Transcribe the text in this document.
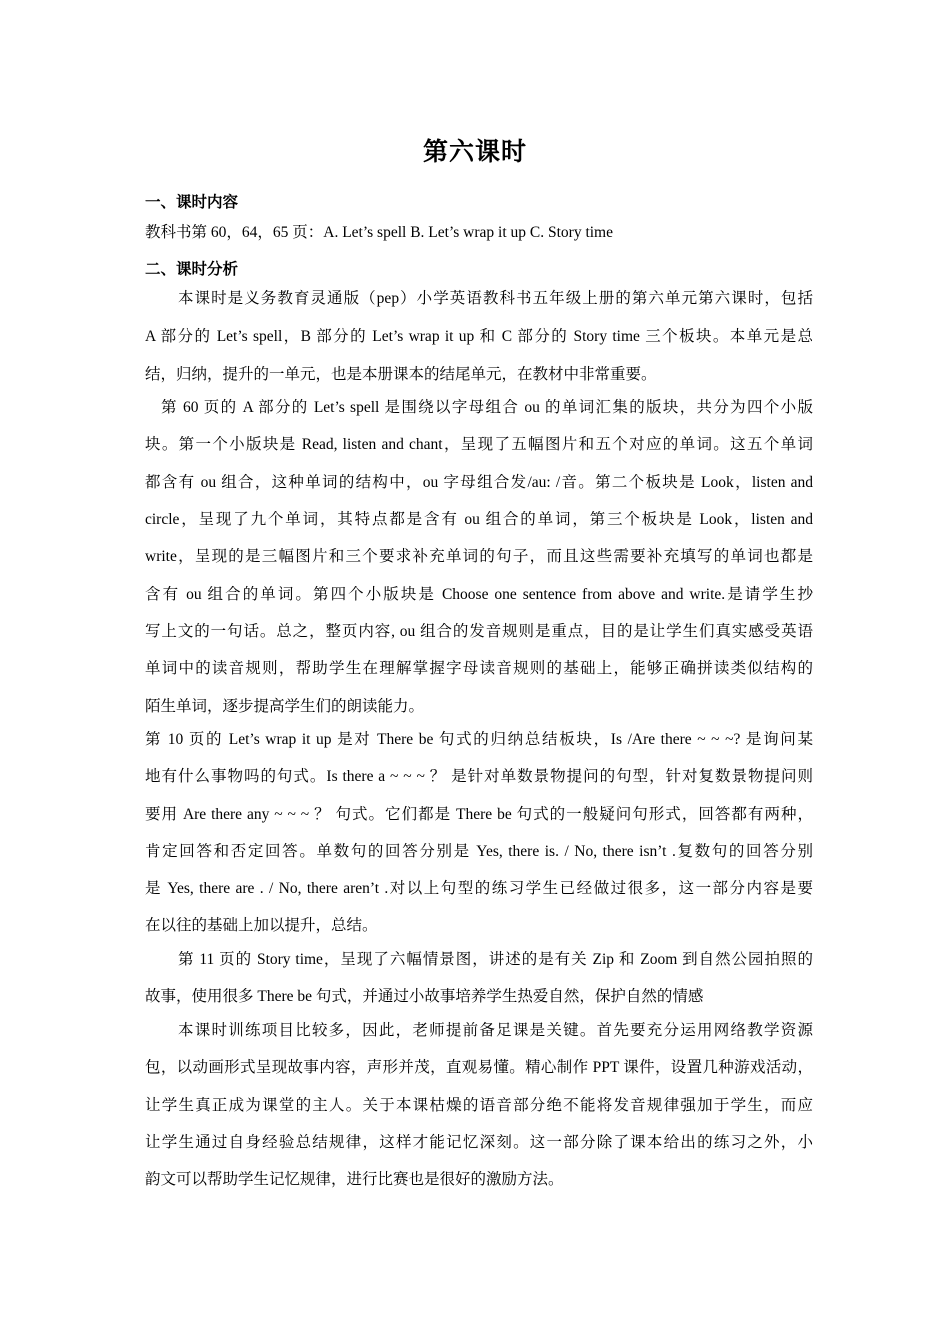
第六课时
一、课时内容
教科书第 60，64，65 页：A. Let’s spell B. Let’s wrap it up C. Story time
二、课时分析
本课时是义务教育灵通版（pep）小学英语教科书五年级上册的第六单元第六课时，包括
A 部分的 Let’s spell，B 部分的 Let’s wrap it up 和 C 部分的 Story time 三个板块。本单元是总
结，归纳，提升的一单元，也是本册课本的结尾单元，在教材中非常重要。
第 60 页的 A 部分的 Let’s spell 是围绕以字母组合 ou 的单词汇集的版块，共分为四个小版
块。第一个小版块是 Read, listen and chant，呈现了五幅图片和五个对应的单词。这五个单词
都含有 ou 组合，这种单词的结构中，ou 字母组合发/au: /音。第二个板块是 Look，listen and
circle，呈现了九个单词，其特点都是含有 ou 组合的单词，第三个板块是 Look，listen and
write，呈现的是三幅图片和三个要求补充单词的句子，而且这些需要补充填写的单词也都是
含有 ou 组合的单词。第四个小版块是 Choose one sentence from above and write.是请学生抄
写上文的一句话。总之，整页内容, ou 组合的发音规则是重点，目的是让学生们真实感受英语
单词中的读音规则，帮助学生在理解掌握字母读音规则的基础上，能够正确拼读类似结构的
陌生单词，逐步提高学生们的朗读能力。
第 10 页的 Let’s wrap it up 是对 There be 句式的归纳总结板块，Is /Are there ~ ~ ~? 是询问某
地有什么事物吗的句式。Is there a ~ ~ ~ ？ 是针对单数景物提问的句型，针对复数景物提问则
要用 Are there any ~ ~ ~ ？ 句式。它们都是 There be 句式的一般疑问句形式，回答都有两种，
肯定回答和否定回答。单数句的回答分别是 Yes, there is. / No, there isn’t .复数句的回答分别
是 Yes, there are . / No, there aren’t .对以上句型的练习学生已经做过很多，这一部分内容是要
在以往的基础上加以提升，总结。
第 11 页的 Story time，呈现了六幅情景图，讲述的是有关 Zip 和 Zoom 到自然公园拍照的
故事，使用很多 There be 句式，并通过小故事培养学生热爱自然，保护自然的情感
本课时训练项目比较多，因此，老师提前备足课是关键。首先要充分运用网络教学资源
包，以动画形式呈现故事内容，声形并茂，直观易懂。精心制作 PPT 课件，设置几种游戏活动，
让学生真正成为课堂的主人。关于本课枯燥的语音部分绝不能将发音规律强加于学生，而应
让学生通过自身经验总结规律，这样才能记忆深刻。这一部分除了课本给出的练习之外，小
韵文可以帮助学生记忆规律，进行比赛也是很好的激励方法。
